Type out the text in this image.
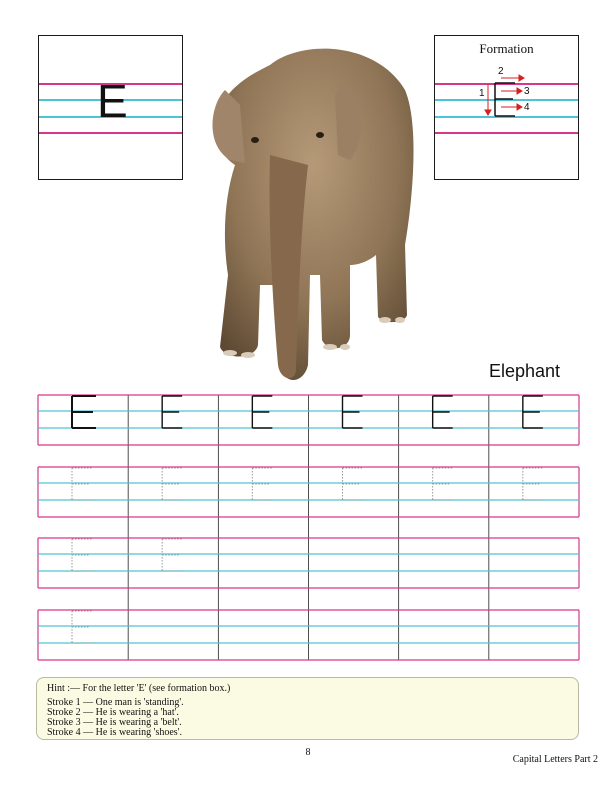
E
Formation
1
2
3
4
Elephant
Hint :— For the letter 'E' (see formation box.)
Stroke 1 — One man is 'standing'.
Stroke 2 — He is wearing a 'hat'.
Stroke 3 — He is wearing a 'belt'.
Stroke 4 — He is wearing 'shoes'.
8
Capital Letters Part 2
